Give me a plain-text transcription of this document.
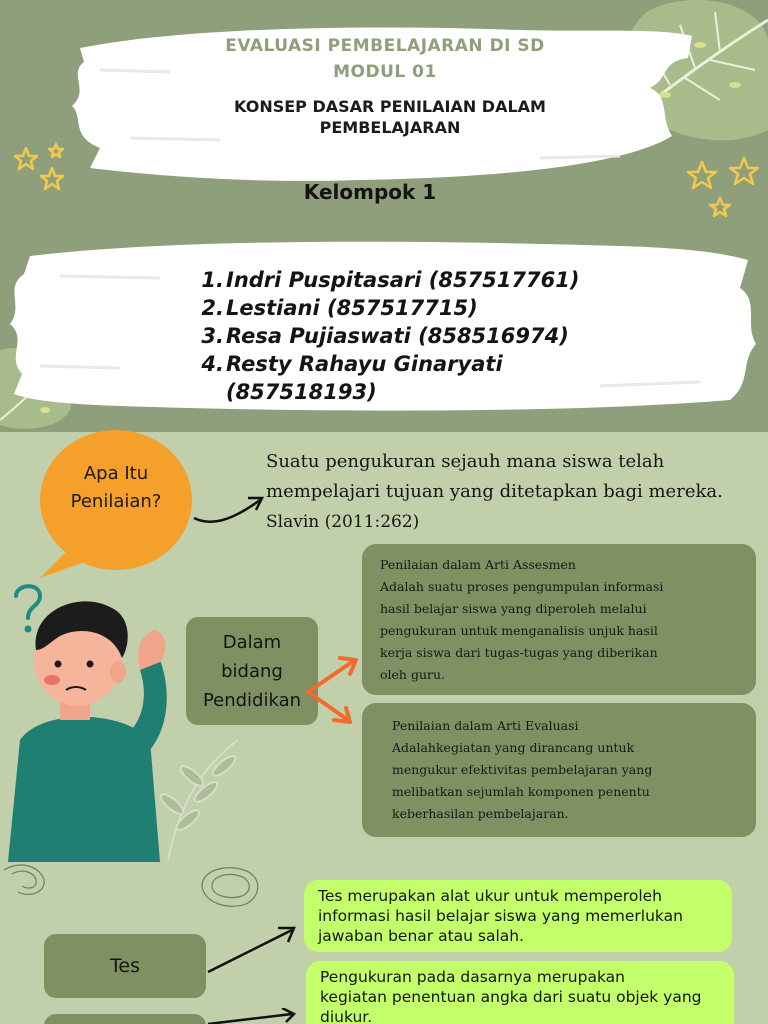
EVALUASI PEMBELAJARAN DI SD
MODUL 01
KONSEP DASAR PENILAIAN DALAM
PEMBELAJARAN
Kelompok 1
1. Indri Puspitasari (857517761)
2. Lestiani (857517715)
3. Resa Pujiaswati (858516974)
4. Resty Rahayu Ginaryati (857518193)
Apa Itu
Penilaian?
Suatu pengukuran sejauh mana siswa telah
mempelajari tujuan yang ditetapkan bagi mereka.
Slavin (2011:262)
Dalam
bidang
Pendidikan
Penilaian dalam Arti Assesmen
Adalah suatu proses pengumpulan informasi
hasil belajar siswa yang diperoleh melalui
pengukuran untuk menganalisis unjuk hasil
kerja siswa dari tugas-tugas yang diberikan
oleh guru.
Penilaian dalam Arti Evaluasi
Adalahkegiatan yang dirancang untuk
mengukur efektivitas pembelajaran yang
melibatkan sejumlah komponen penentu
keberhasilan pembelajaran.
Tes
Tes merupakan alat ukur untuk memperoleh
informasi hasil belajar siswa yang memerlukan
jawaban benar atau salah.
Pengukuran pada dasarnya merupakan
kegiatan penentuan angka dari suatu objek yang
diukur.
